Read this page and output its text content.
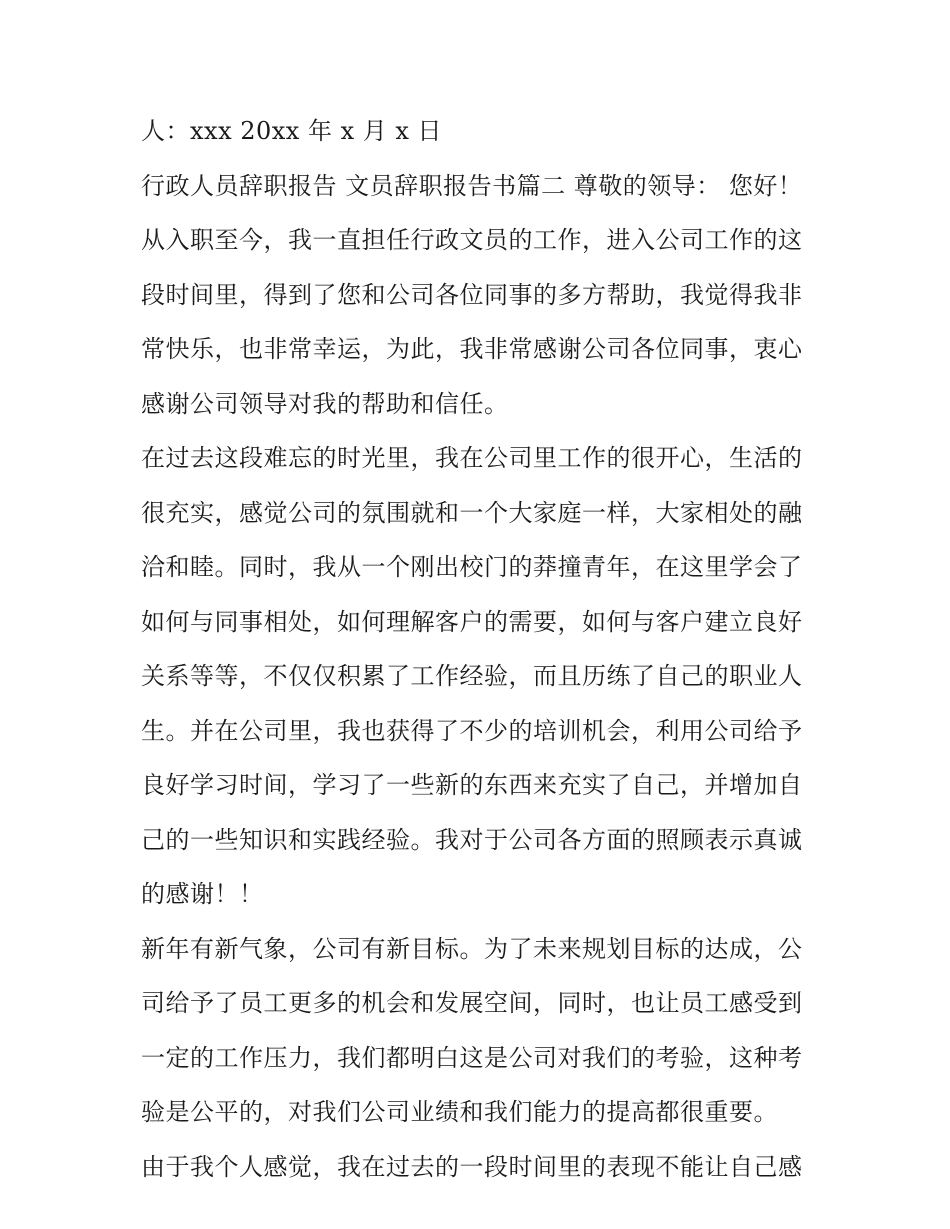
人：xxx 20xx 年 x 月 x 日

行政人员辞职报告 文员辞职报告书篇二 尊敬的领导： 您好！

从入职至今，我一直担任行政文员的工作，进入公司工作的这
段时间里，得到了您和公司各位同事的多方帮助，我觉得我非
常快乐，也非常幸运，为此，我非常感谢公司各位同事，衷心
感谢公司领导对我的帮助和信任。

在过去这段难忘的时光里，我在公司里工作的很开心，生活的
很充实，感觉公司的氛围就和一个大家庭一样，大家相处的融
洽和睦。同时，我从一个刚出校门的莽撞青年，在这里学会了
如何与同事相处，如何理解客户的需要，如何与客户建立良好
关系等等，不仅仅积累了工作经验，而且历练了自己的职业人
生。并在公司里，我也获得了不少的培训机会，利用公司给予
良好学习时间，学习了一些新的东西来充实了自己，并增加自
己的一些知识和实践经验。我对于公司各方面的照顾表示真诚
的感谢！！

新年有新气象，公司有新目标。为了未来规划目标的达成，公
司给予了员工更多的机会和发展空间，同时，也让员工感受到
一定的工作压力，我们都明白这是公司对我们的考验，这种考
验是公平的，对我们公司业绩和我们能力的提高都很重要。

由于我个人感觉，我在过去的一段时间里的表现不能让自己感
